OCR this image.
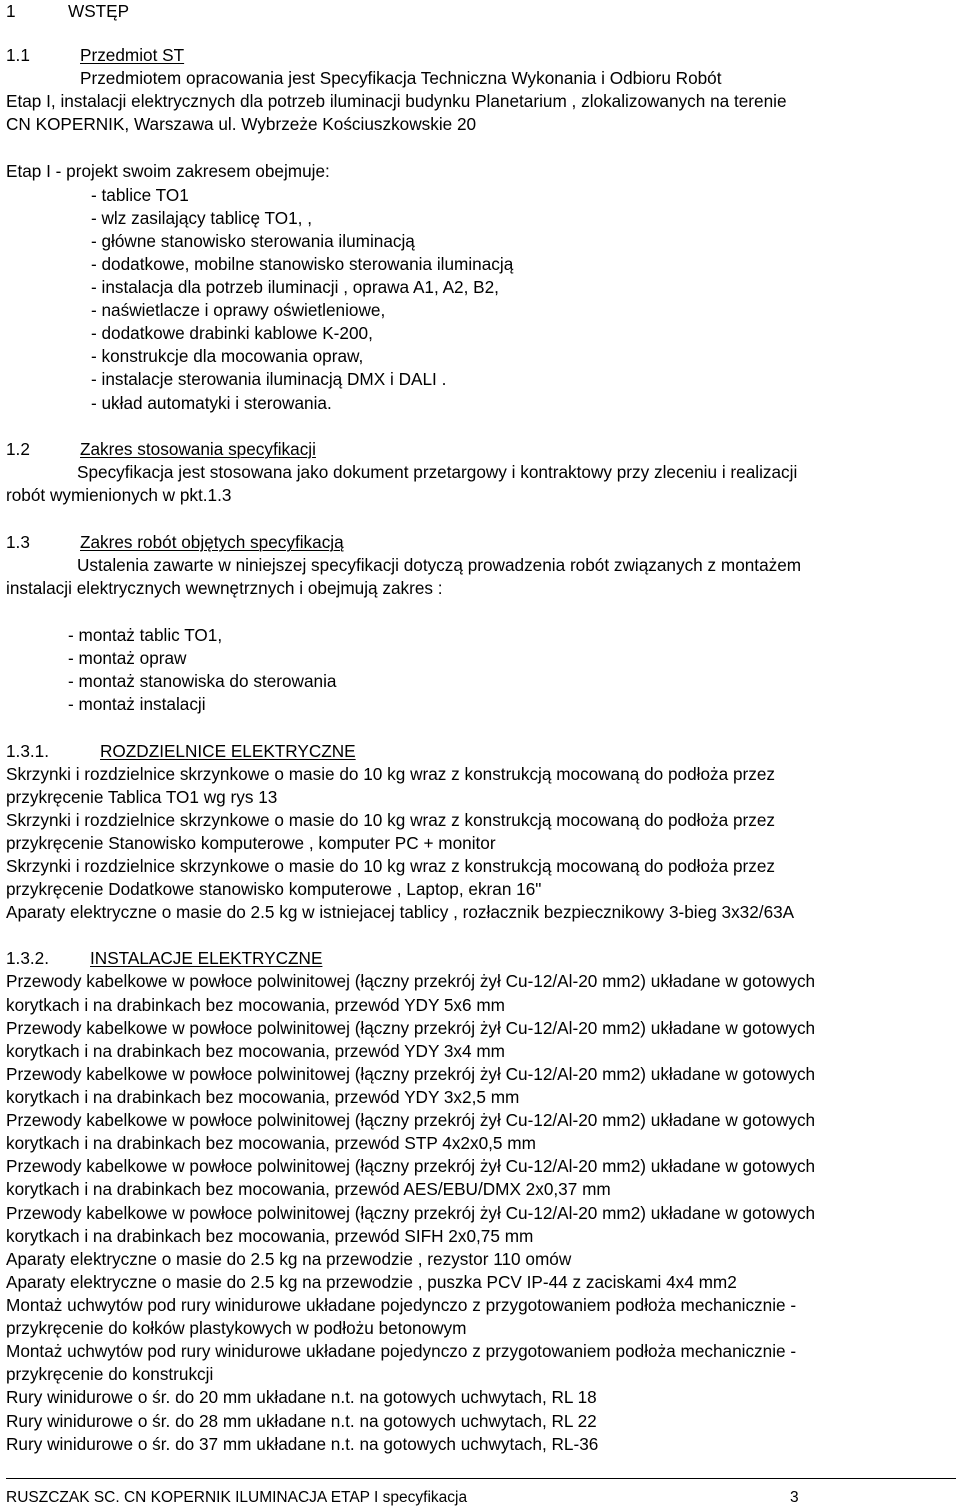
1	WSTĘP
1.1	Przedmiot ST
Przedmiotem opracowania jest Specyfikacja Techniczna Wykonania i Odbioru Robót
Etap I, instalacji elektrycznych dla potrzeb iluminacji budynku Planetarium , zlokalizowanych na terenie
CN KOPERNIK, Warszawa ul. Wybrzeże Kościuszkowskie 20
Etap I - projekt swoim zakresem obejmuje:
- tablice TO1
- wlz zasilający tablicę TO1, ,
- główne stanowisko sterowania iluminacją
- dodatkowe, mobilne stanowisko sterowania iluminacją
- instalacja dla potrzeb iluminacji , oprawa A1, A2, B2,
- naświetlacze i oprawy oświetleniowe,
- dodatkowe drabinki kablowe K-200,
- konstrukcje dla mocowania opraw,
- instalacje sterowania iluminacją DMX i DALI .
- układ automatyki i sterowania.
1.2	Zakres stosowania specyfikacji
Specyfikacja jest stosowana jako dokument przetargowy i kontraktowy przy zleceniu i realizacji
robót wymienionych w pkt.1.3
1.3	Zakres robót objętych specyfikacją
Ustalenia zawarte w niniejszej specyfikacji dotyczą prowadzenia robót związanych z montażem
instalacji elektrycznych wewnętrznych i obejmują zakres :
- montaż tablic TO1,
- montaż opraw
- montaż stanowiska do sterowania
- montaż instalacji
1.3.1.	ROZDZIELNICE ELEKTRYCZNE
Skrzynki i rozdzielnice skrzynkowe o masie do 10 kg wraz z konstrukcją mocowaną do podłoża przez
przykręcenie Tablica TO1 wg rys 13
Skrzynki i rozdzielnice skrzynkowe o masie do 10 kg wraz z konstrukcją mocowaną do podłoża przez
przykręcenie Stanowisko komputerowe , komputer PC + monitor
Skrzynki i rozdzielnice skrzynkowe o masie do 10 kg wraz z konstrukcją mocowaną do podłoża przez
przykręcenie Dodatkowe stanowisko komputerowe , Laptop, ekran 16"
Aparaty elektryczne o masie do 2.5 kg w istniejacej tablicy , rozłacznik bezpiecznikowy 3-bieg 3x32/63A
1.3.2. INSTALACJE ELEKTRYCZNE
Przewody kabelkowe w powłoce polwinitowej (łączny przekrój żył Cu-12/Al-20 mm2) układane w gotowych
korytkach i na drabinkach bez mocowania, przewód YDY 5x6 mm
Przewody kabelkowe w powłoce polwinitowej (łączny przekrój żył Cu-12/Al-20 mm2) układane w gotowych
korytkach i na drabinkach bez mocowania, przewód YDY 3x4 mm
Przewody kabelkowe w powłoce polwinitowej (łączny przekrój żył Cu-12/Al-20 mm2) układane w gotowych
korytkach i na drabinkach bez mocowania, przewód YDY 3x2,5 mm
Przewody kabelkowe w powłoce polwinitowej (łączny przekrój żył Cu-12/Al-20 mm2) układane w gotowych
korytkach i na drabinkach bez mocowania, przewód STP 4x2x0,5 mm
Przewody kabelkowe w powłoce polwinitowej (łączny przekrój żył Cu-12/Al-20 mm2) układane w gotowych
korytkach i na drabinkach bez mocowania, przewód AES/EBU/DMX 2x0,37 mm
Przewody kabelkowe w powłoce polwinitowej (łączny przekrój żył Cu-12/Al-20 mm2) układane w gotowych
korytkach i na drabinkach bez mocowania, przewód SIFH 2x0,75 mm
Aparaty elektryczne o masie do 2.5 kg na przewodzie , rezystor 110 omów
Aparaty elektryczne o masie do 2.5 kg na przewodzie , puszka PCV IP-44 z zaciskami 4x4 mm2
Montaż uchwytów pod rury winidurowe układane pojedynczo z przygotowaniem podłoża mechanicznie -
przykręcenie do kołków plastykowych w podłożu betonowym
Montaż uchwytów pod rury winidurowe układane pojedynczo z przygotowaniem podłoża mechanicznie -
przykręcenie do konstrukcji
Rury winidurowe o śr. do 20 mm układane n.t. na gotowych uchwytach, RL 18
Rury winidurowe o śr. do 28 mm układane n.t. na gotowych uchwytach, RL 22
Rury winidurowe o śr. do 37 mm układane n.t. na gotowych uchwytach, RL-36
RUSZCZAK SC. CN KOPERNIK ILUMINACJA ETAP I specyfikacja	3
